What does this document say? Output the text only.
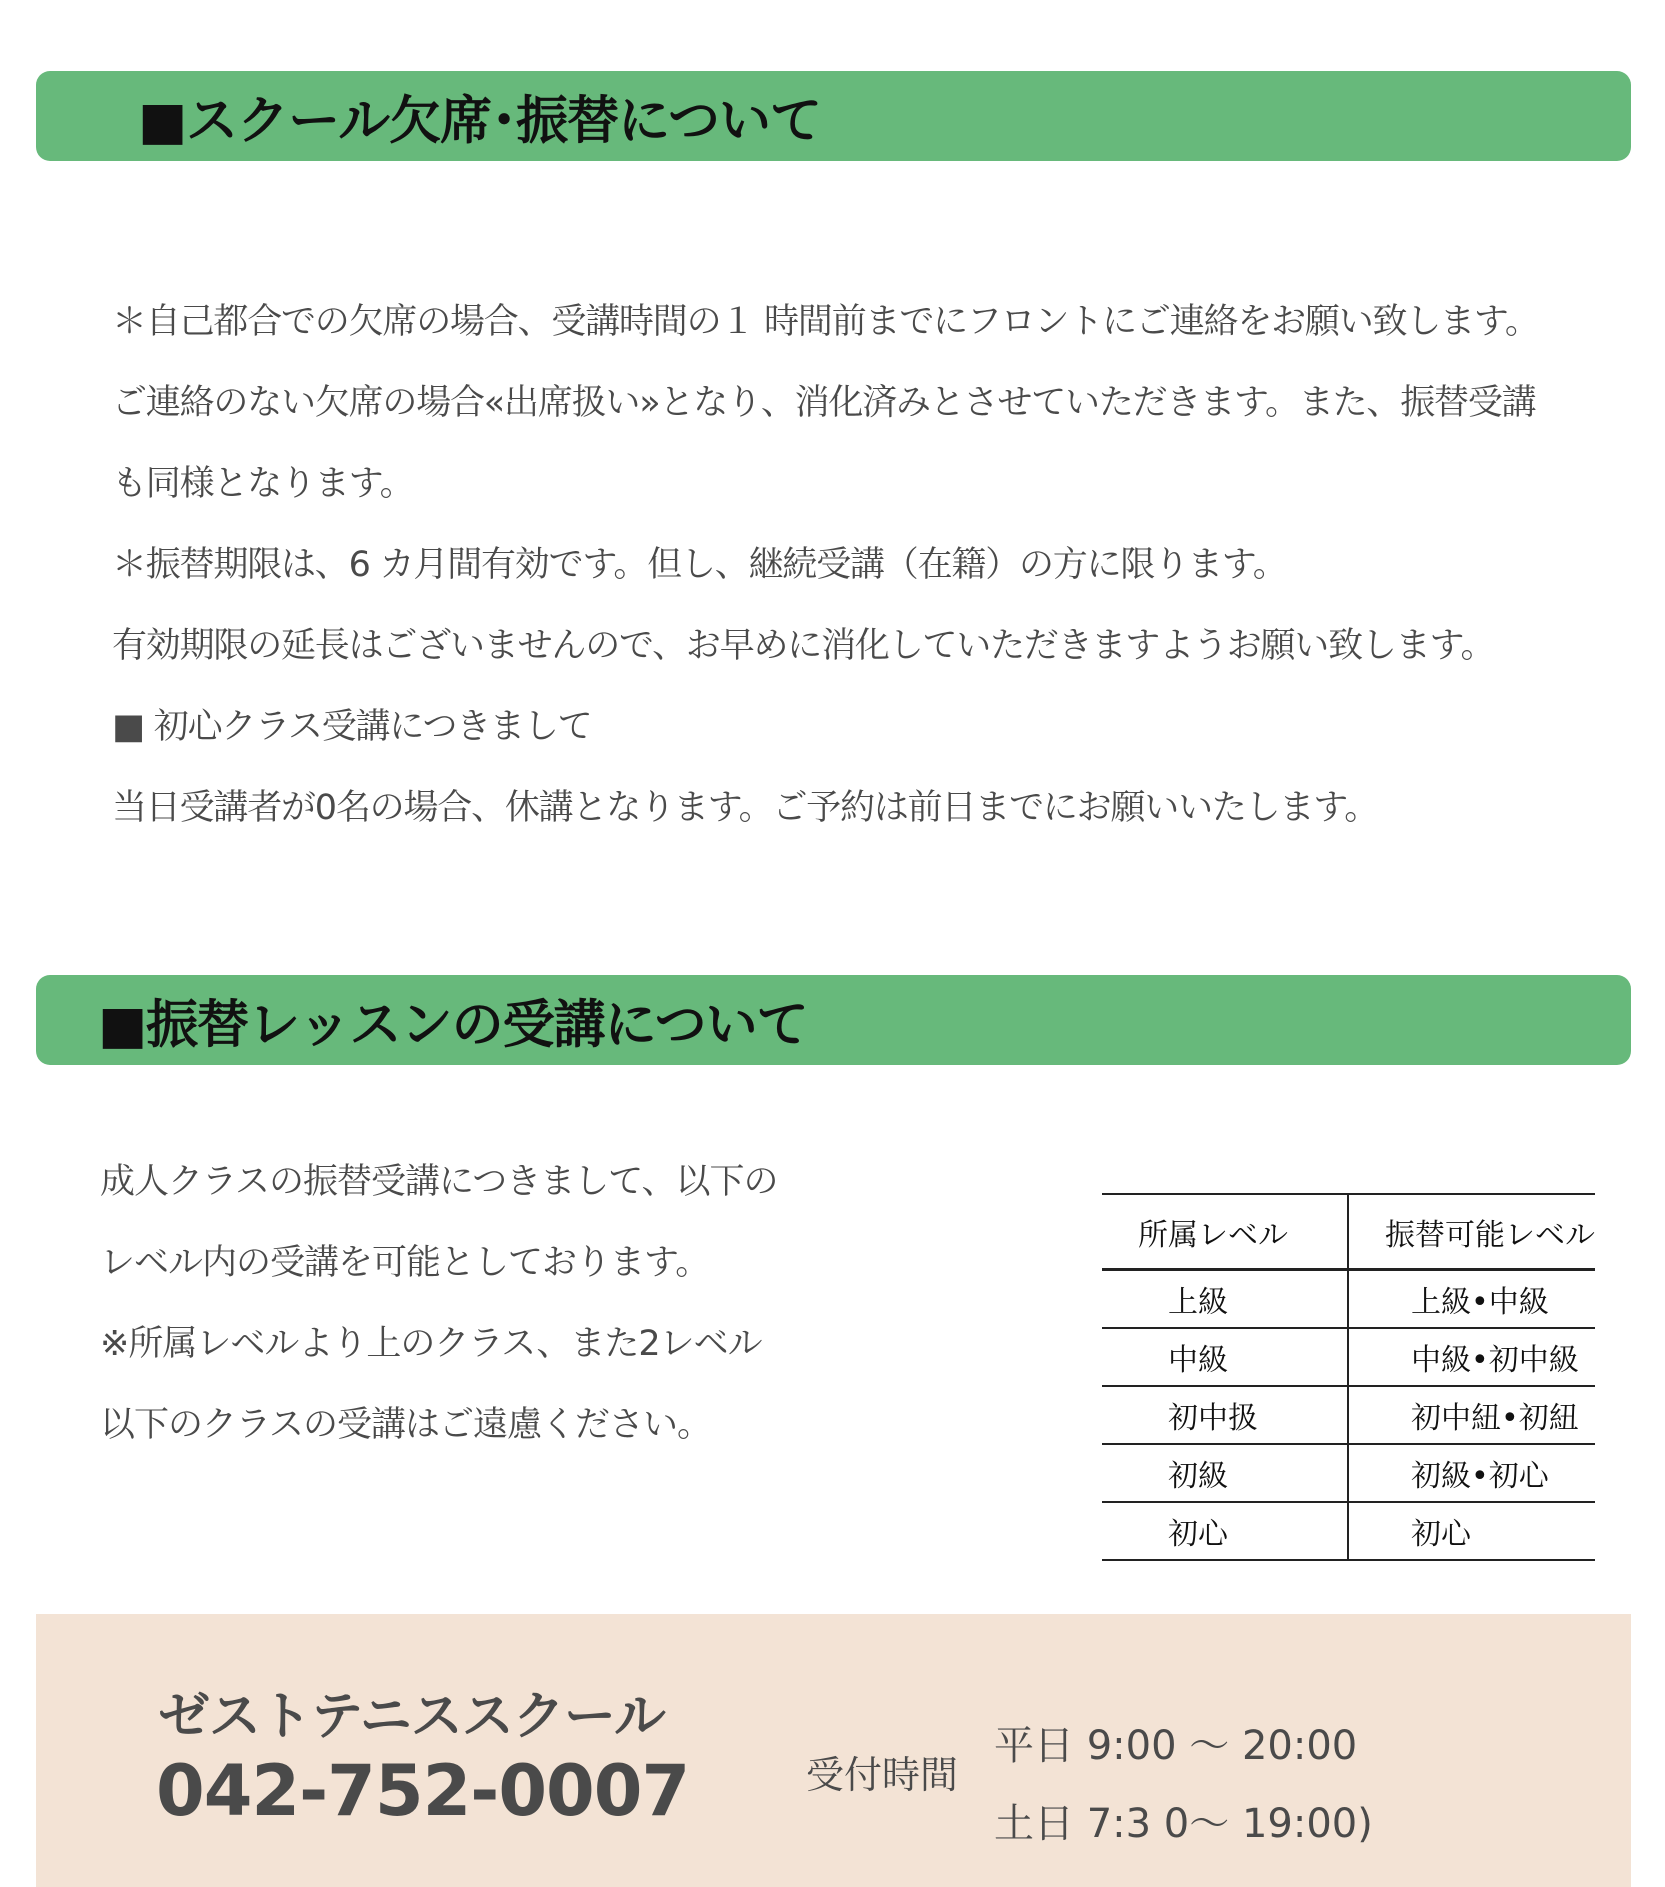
■スクール欠席･振替について

＊自己都合での欠席の場合、受講時間の１ 時間前までにフロントにご連絡をお願い致します。

ご連絡のない欠席の場合«出席扱い»となり、消化済みとさせていただきます。また、振替受講

も同様となります。

＊振替期限は、6 カ月間有効です。但し、継続受講（在籍）の方に限ります。

有効期限の延長はございませんので、お早めに消化していただきますようお願い致します。

■ 初心クラス受講につきまして

当日受講者が0名の場合、休講となります。ご予約は前日までにお願いいたします。

■振替レッスンの受講について

成人クラスの振替受講につきまして、以下の

レベル内の受講を可能としております。

※所属レベルより上のクラス、また2レベル

以下のクラスの受講はご遠慮ください。

所属レベル	振替可能レベル
上級	上級•中級
中級	中級•初中級
初中扱	初中紐•初紐
初級	初級•初心
初心	初心

ゼストテニススクール

042-752-0007	受付時間

平日 9:00 ～ 20:00

土日 7:3 0～ 19:00)
